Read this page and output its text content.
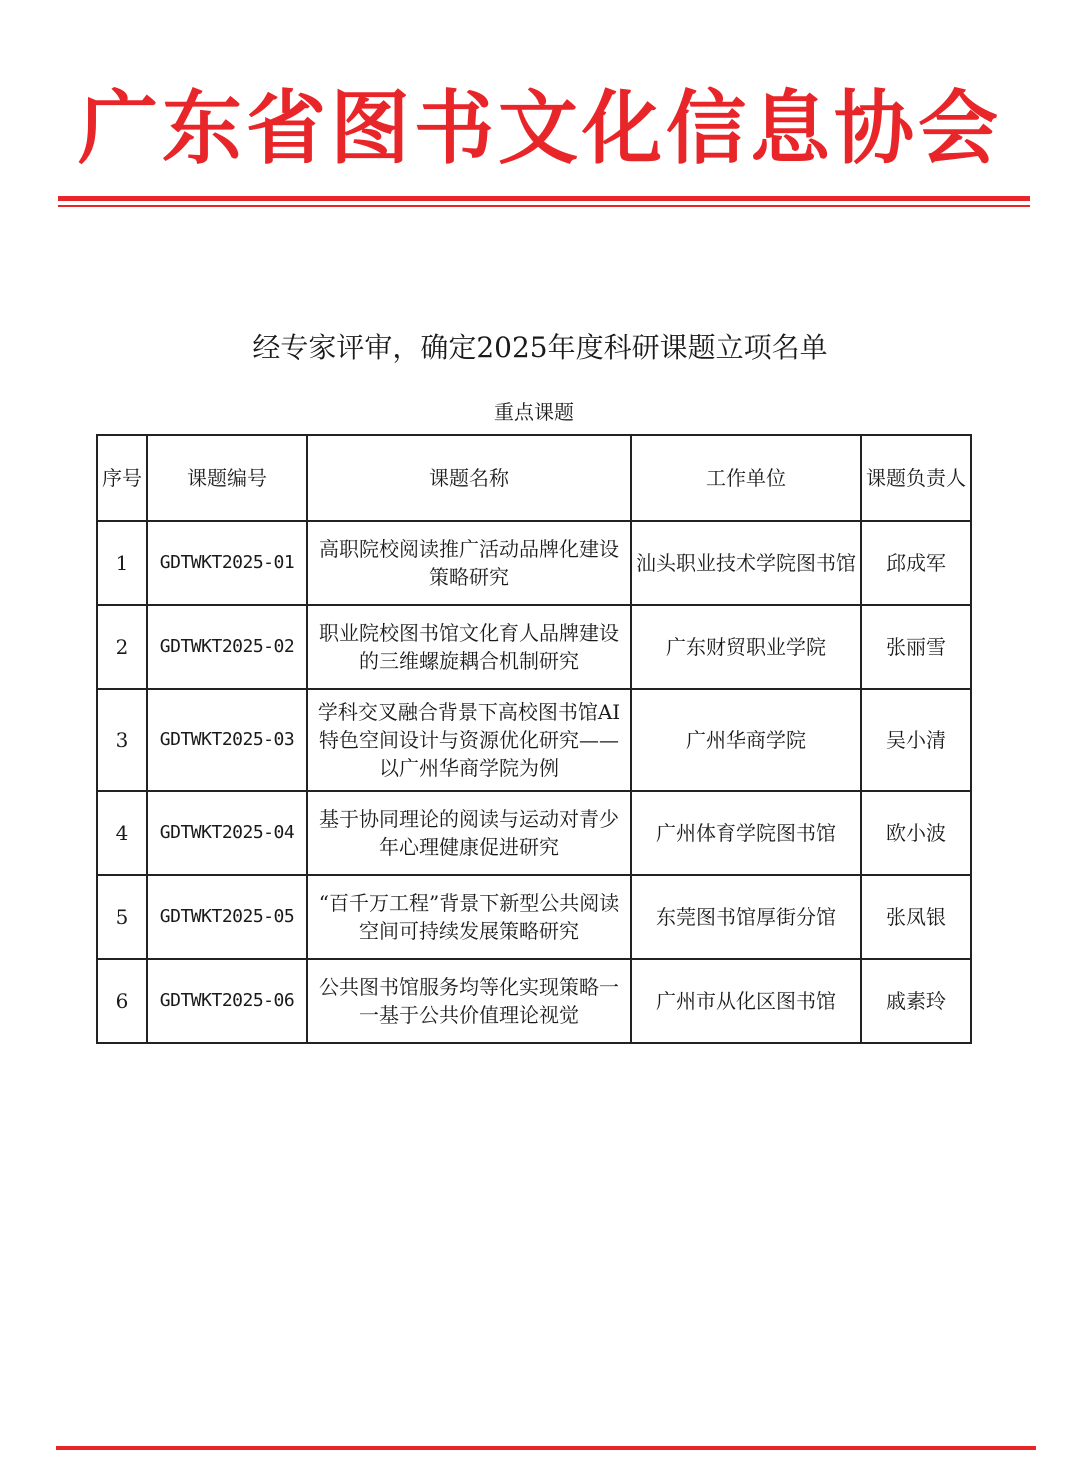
广东省图书文化信息协会
经专家评审，确定2025年度科研课题立项名单
重点课题
序号	课题编号	课题名称	工作单位	课题负责人
1	GDTWKT2025-01	高职院校阅读推广活动品牌化建设策略研究	汕头职业技术学院图书馆	邱成军
2	GDTWKT2025-02	职业院校图书馆文化育人品牌建设的三维螺旋耦合机制研究	广东财贸职业学院	张丽雪
3	GDTWKT2025-03	学科交叉融合背景下高校图书馆AI特色空间设计与资源优化研究——以广州华商学院为例	广州华商学院	吴小清
4	GDTWKT2025-04	基于协同理论的阅读与运动对青少年心理健康促进研究	广州体育学院图书馆	欧小波
5	GDTWKT2025-05	“百千万工程”背景下新型公共阅读空间可持续发展策略研究	东莞图书馆厚街分馆	张凤银
6	GDTWKT2025-06	公共图书馆服务均等化实现策略一一基于公共价值理论视觉	广州市从化区图书馆	戚素玲
